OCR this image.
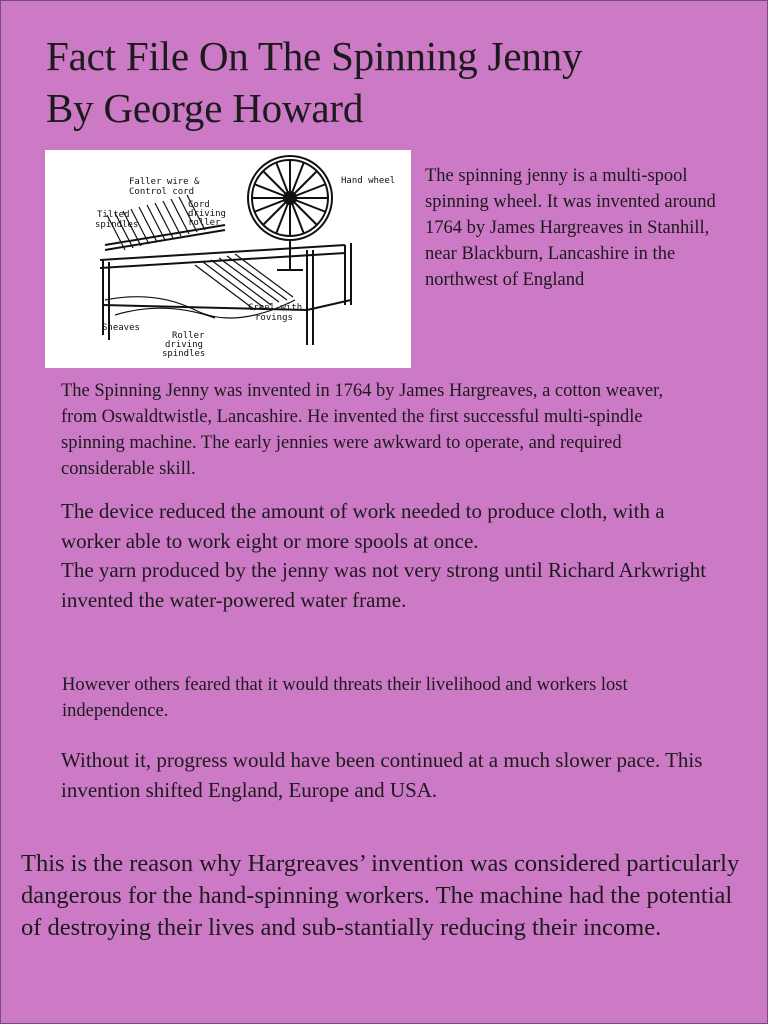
Fact File On The Spinning Jenny
By George Howard
Faller wire &
Control cord
Cord
driving
roller
Tilted
spindles
Hand wheel
Creel with
rovings
Sheaves
Roller
driving
spindles

The spinning jenny is a multi-spool spinning wheel. It was invented around 1764 by James Hargreaves in Stanhill, near Blackburn, Lancashire in the northwest of England

The Spinning Jenny was invented in 1764 by James Hargreaves, a cotton weaver, from Oswaldtwistle, Lancashire. He invented the first successful multi-spindle spinning machine. The early jennies were awkward to operate, and required considerable skill.

The device reduced the amount of work needed to produce cloth, with a worker able to work eight or more spools at once.
The yarn produced by the jenny was not very strong until Richard Arkwright invented the water-powered water frame.

However others feared that it would threats their livelihood and workers lost independence.

Without it, progress would have been continued at a much slower pace. This invention shifted England, Europe and USA.

This is the reason why Hargreaves’ invention was considered particularly dangerous for the hand-spinning workers. The machine had the potential of destroying their lives and sub-stantially reducing their income.
